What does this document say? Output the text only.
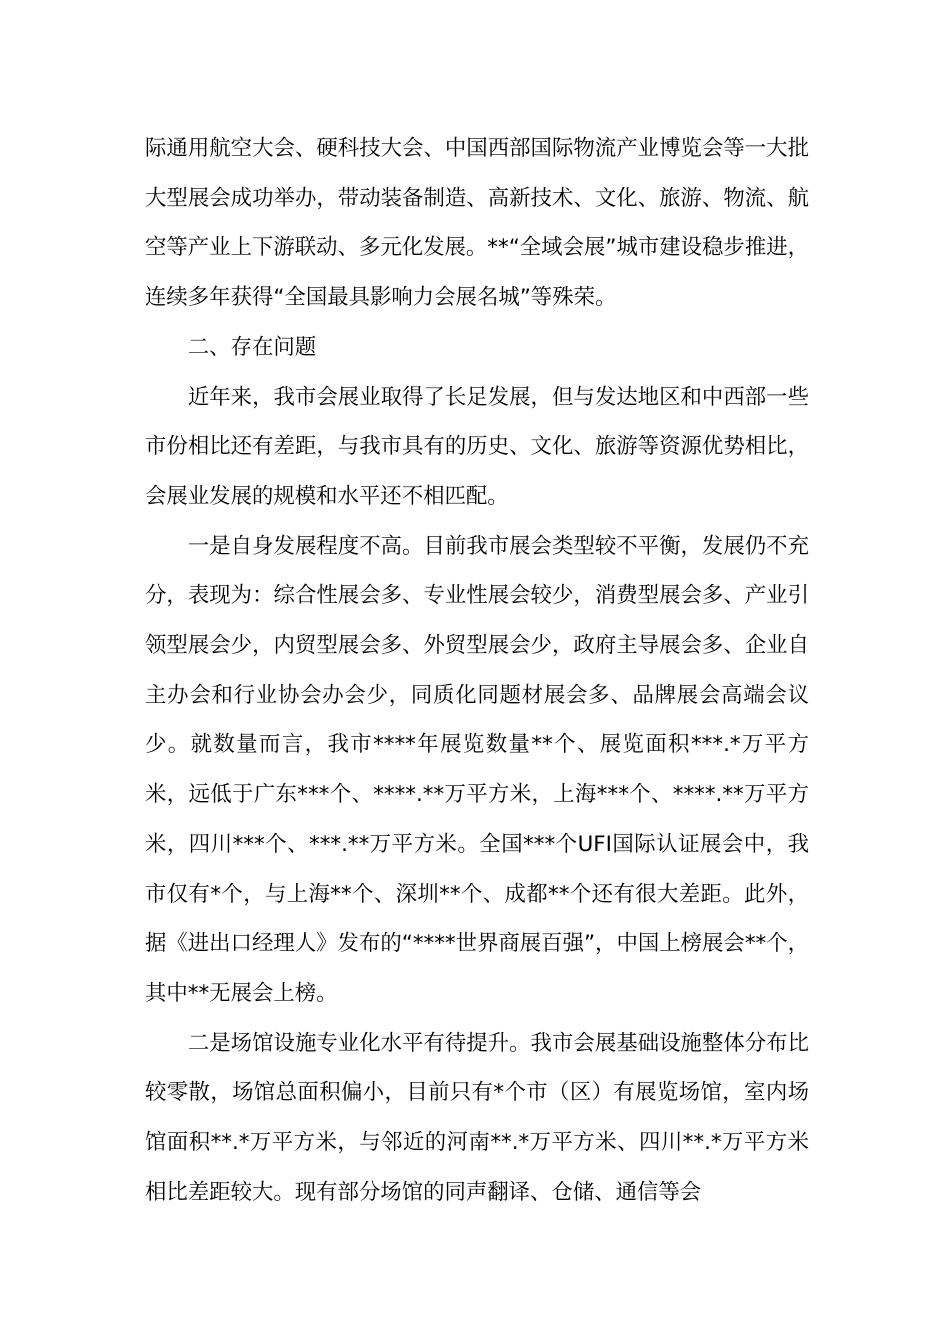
际通用航空大会、硬科技大会、中国西部国际物流产业博览会等一大批大型展会成功举办，带动装备制造、高新技术、文化、旅游、物流、航空等产业上下游联动、多元化发展。**“全域会展”城市建设稳步推进，连续多年获得“全国最具影响力会展名城”等殊荣。

　　二、存在问题

　　近年来，我市会展业取得了长足发展，但与发达地区和中西部一些市份相比还有差距，与我市具有的历史、文化、旅游等资源优势相比，会展业发展的规模和水平还不相匹配。

　　一是自身发展程度不高。目前我市展会类型较不平衡，发展仍不充分，表现为：综合性展会多、专业性展会较少，消费型展会多、产业引领型展会少，内贸型展会多、外贸型展会少，政府主导展会多、企业自主办会和行业协会办会少，同质化同题材展会多、品牌展会高端会议少。就数量而言，我市****年展览数量**个、展览面积***.*万平方米，远低于广东***个、****.**万平方米，上海***个、****.**万平方米，四川***个、***.**万平方米。全国***个UFI国际认证展会中，我市仅有*个，与上海**个、深圳**个、成都**个还有很大差距。此外，据《进出口经理人》发布的“****世界商展百强”，中国上榜展会**个，其中**无展会上榜。

　　二是场馆设施专业化水平有待提升。我市会展基础设施整体分布比较零散，场馆总面积偏小，目前只有*个市（区）有展览场馆，室内场馆面积**.*万平方米，与邻近的河南**.*万平方米、四川**.*万平方米相比差距较大。现有部分场馆的同声翻译、仓储、通信等会
